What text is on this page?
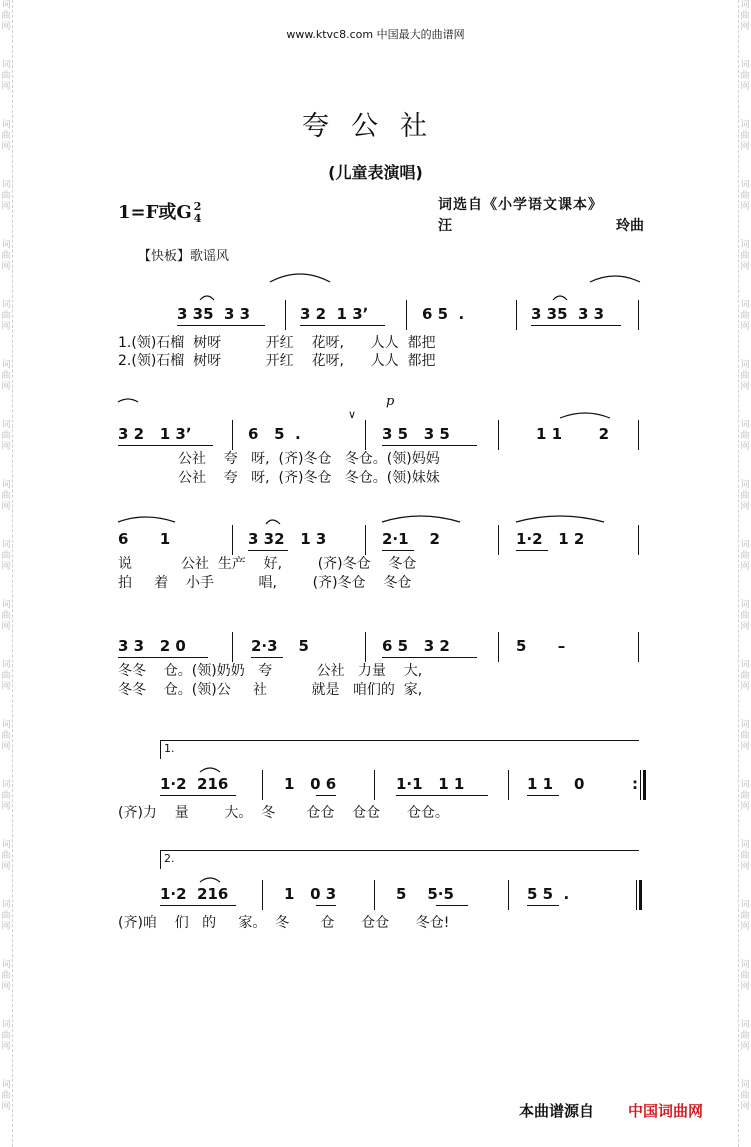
词
曲
网
词
曲
网
词
曲
网
词
曲
网
词
曲
网
词
曲
网
词
曲
网
词
曲
网
词
曲
网
词
曲
网
词
曲
网
词
曲
网
词
曲
网
词
曲
网
词
曲
网
词
曲
网
词
曲
网
词
曲
网
词
曲
网
词
曲
网
词
曲
网
词
曲
网
词
曲
网
词
曲
网
词
曲
网
词
曲
网
词
曲
网
词
曲
网
词
曲
网
词
曲
网
词
曲
网
词
曲
网
词
曲
网
词
曲
网
词
曲
网
词
曲
网
词
曲
网
词
曲
网
www.ktvc8.com 中国最大的曲谱网
夸公社
(儿童表演唱)
1=F或G 2
4
词选自《小学语文课本》
汪	玲曲
【快板】歌谣风
3 35  3 3	3 2  1 3ʼ	6 5  .	3 35  3 3
1.(领)石榴  树呀          开红    花呀,      人人  都把
2.(领)石榴  树呀          开红    花呀,      人人  都把
3 2   1 3ʼ	6   5  .	3 5   3 5	1 1       2
∨
p
公社    夸   呀,  (齐)冬仓   冬仓。(领)妈妈
公社    夸   呀,  (齐)冬仓   冬仓。(领)妹妹
6      1	3 32   1 3	2·1    2	1·2   1 2
说           公社  生产    好,        (齐)冬仓    冬仓
拍     着    小手          唱,        (齐)冬仓    冬仓
3 3   2 0	2·3    5	6 5   3 2	5      –
冬冬    仓。(领)奶奶   夸          公社   力量    大,
冬冬    仓。(领)公     社          就是   咱们的  家,
1.
1·2  216	1   0 6	1·1   1 1	1 1    0	:
(齐)力    量        大。  冬       仓仓    仓仓      仓仓。
2.
1·2  216	1   0 3	5    5·5	5 5  .
(齐)咱    们   的     家。  冬       仓      仓仓      冬仓!
本曲谱源自 中国词曲网
